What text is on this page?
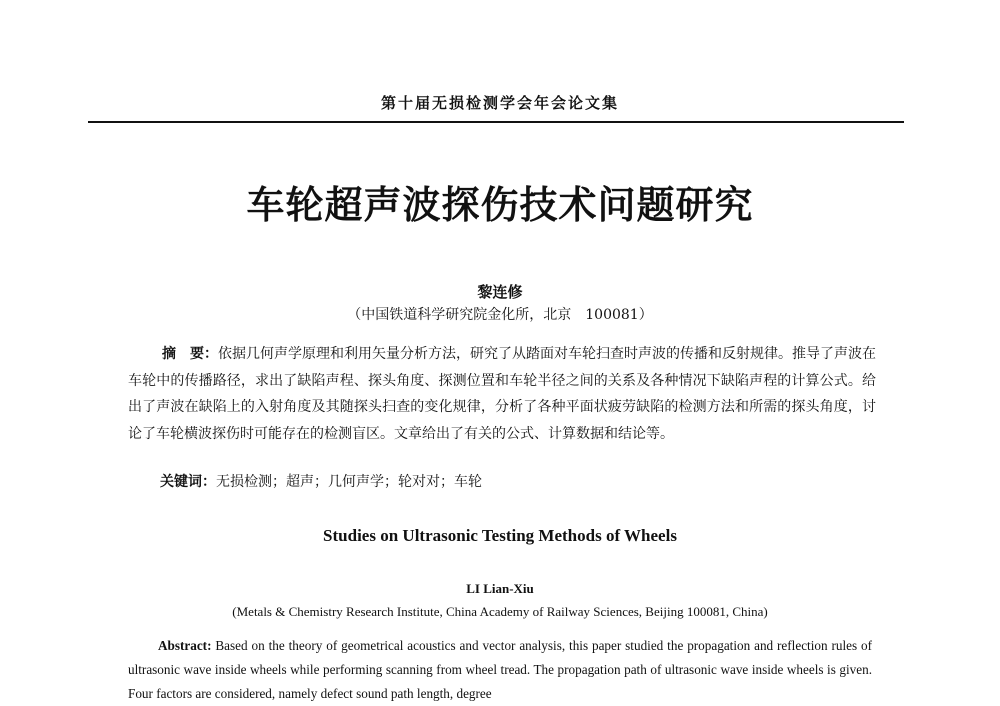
第十届无损检测学会年会论文集
车轮超声波探伤技术问题研究
黎连修
（中国铁道科学研究院金化所，北京　100081）

摘　要：依据几何声学原理和利用矢量分析方法，研究了从踏面对车轮扫查时声波的传播和反射规律。推导了声波在车轮中的传播路径，求出了缺陷声程、探头角度、探测位置和车轮半径之间的关系及各种情况下缺陷声程的计算公式。给出了声波在缺陷上的入射角度及其随探头扫查的变化规律，分析了各种平面状疲劳缺陷的检测方法和所需的探头角度，讨论了车轮横波探伤时可能存在的检测盲区。文章给出了有关的公式、计算数据和结论等。

关键词：无损检测；超声；几何声学；轮对对；车轮
Studies on Ultrasonic Testing Methods of Wheels
LI Lian-Xiu
(Metals & Chemistry Research Institute, China Academy of Railway Sciences, Beijing 100081, China)

Abstract: Based on the theory of geometrical acoustics and vector analysis, this paper studied the propagation and reflection rules of ultrasonic wave inside wheels while performing scanning from wheel tread. The propagation path of ultrasonic wave inside wheels is given. Four factors are considered, namely defect sound path length, degree
